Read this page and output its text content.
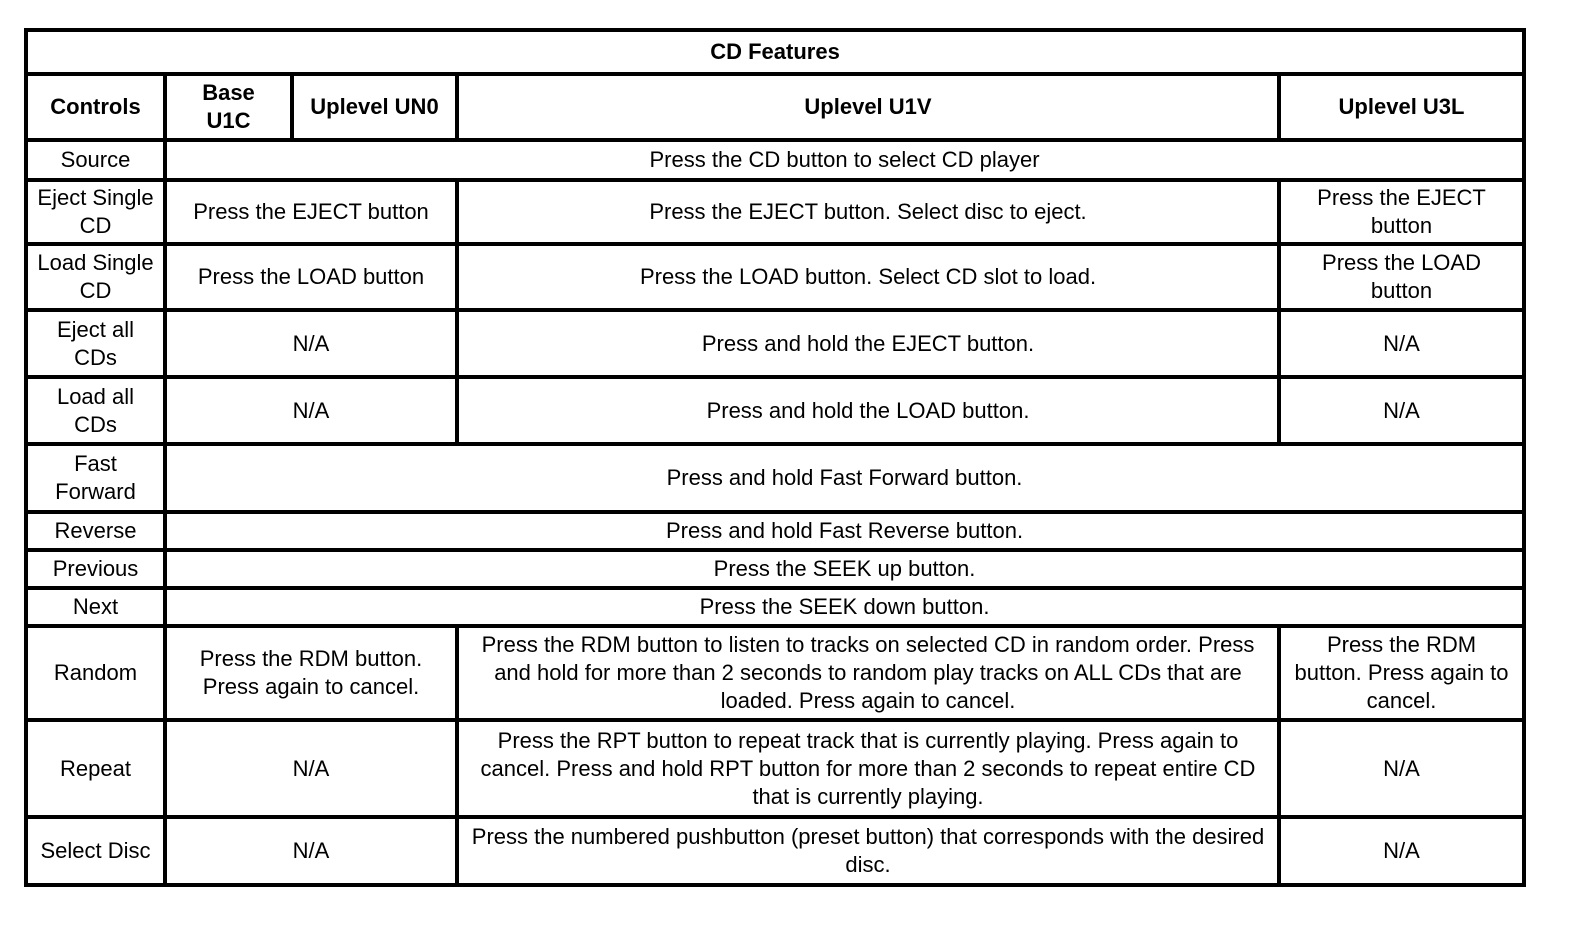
CD Features				
Controls	Base U1C	Uplevel UN0	Uplevel U1V	Uplevel U3L
Source	Press the CD button to select CD player			
Eject Single CD	Press the EJECT button		Press the EJECT button. Select disc to eject.	Press the EJECT button
Load Single CD	Press the LOAD button		Press the LOAD button. Select CD slot to load.	Press the LOAD button
Eject all CDs	N/A		Press and hold the EJECT button.	N/A
Load all CDs	N/A		Press and hold the LOAD button.	N/A
Fast Forward	Press and hold Fast Forward button.			
Reverse	Press and hold Fast Reverse button.			
Previous	Press the SEEK up button.			
Next	Press the SEEK down button.			
Random	Press the RDM button. Press again to cancel.		Press the RDM button to listen to tracks on selected CD in random order. Press and hold for more than 2 seconds to random play tracks on ALL CDs that are loaded. Press again to cancel.	Press the RDM button. Press again to cancel.
Repeat	N/A		Press the RPT button to repeat track that is currently playing. Press again to cancel. Press and hold RPT button for more than 2 seconds to repeat entire CD that is currently playing.	N/A
Select Disc	N/A		Press the numbered pushbutton (preset button) that corresponds with the desired disc.	N/A
